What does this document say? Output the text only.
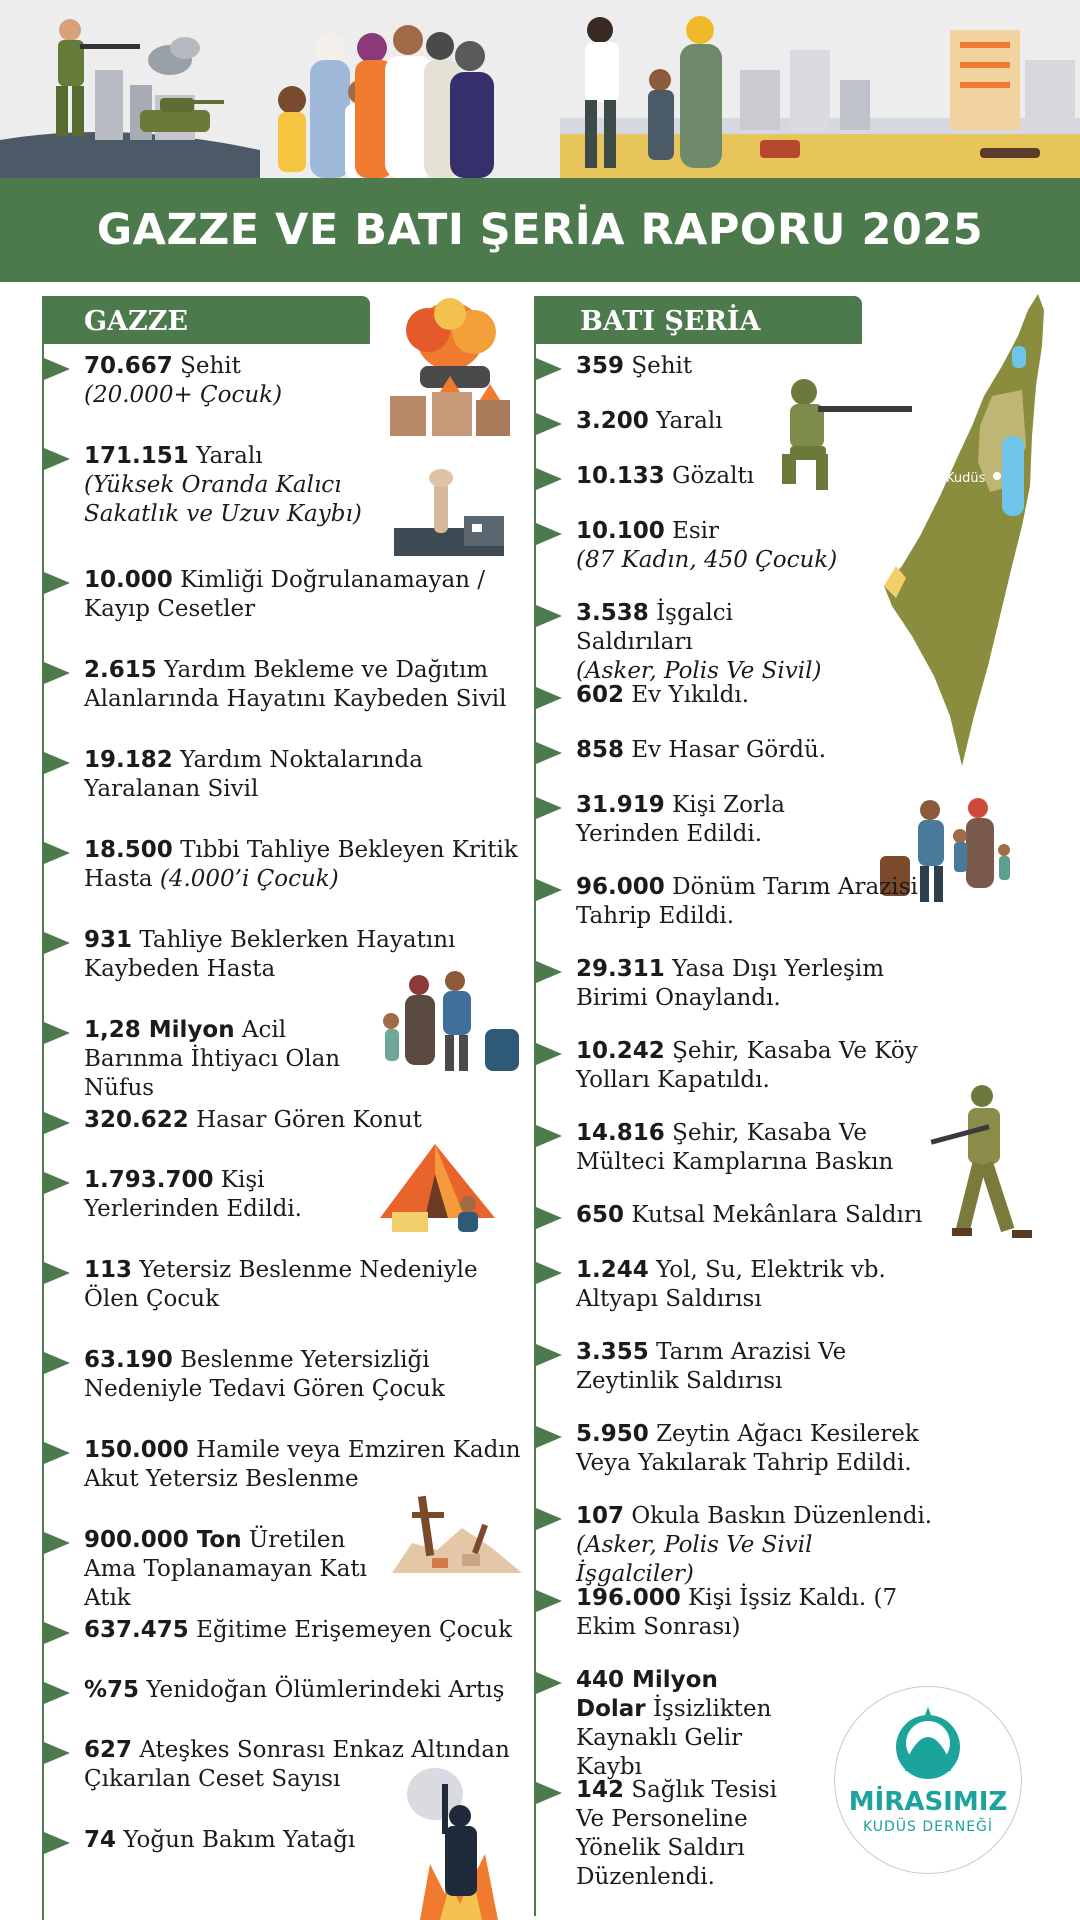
GAZZE VE BATI ŞERİA RAPORU 2025
GAZZE
70.667 Şehit
(20.000+ Çocuk)
171.151 Yaralı
(Yüksek Oranda Kalıcı Sakatlık ve Uzuv Kaybı)
10.000 Kimliği Doğrulanamayan / Kayıp Cesetler
2.615 Yardım Bekleme ve Dağıtım Alanlarında Hayatını Kaybeden Sivil
19.182 Yardım Noktalarında Yaralanan Sivil
18.500 Tıbbi Tahliye Bekleyen Kritik Hasta (4.000’i Çocuk)
931 Tahliye Beklerken Hayatını Kaybeden Hasta
1,28 Milyon Acil Barınma İhtiyacı Olan Nüfus
320.622 Hasar Gören Konut
1.793.700 Kişi Yerlerinden Edildi.
113 Yetersiz Beslenme Nedeniyle Ölen Çocuk
63.190 Beslenme Yetersizliği Nedeniyle Tedavi Gören Çocuk
150.000 Hamile veya Emziren Kadın Akut Yetersiz Beslenme
900.000 Ton Üretilen Ama Toplanamayan Katı Atık
637.475 Eğitime Erişemeyen Çocuk
%75 Yenidoğan Ölümlerindeki Artış
627 Ateşkes Sonrası Enkaz Altından Çıkarılan Ceset Sayısı
74 Yoğun Bakım Yatağı
BATI ŞERİA
Kudüs
MİRASIMIZ
KUDÜS DERNEĞİ
359 Şehit
3.200 Yaralı
10.133 Gözaltı
10.100 Esir
(87 Kadın, 450 Çocuk)
3.538 İşgalci Saldırıları
(Asker, Polis Ve Sivil)
602 Ev Yıkıldı.
858 Ev Hasar Gördü.
31.919 Kişi Zorla Yerinden Edildi.
96.000 Dönüm Tarım Arazisi Tahrip Edildi.
29.311 Yasa Dışı Yerleşim Birimi Onaylandı.
10.242 Şehir, Kasaba Ve Köy Yolları Kapatıldı.
14.816 Şehir, Kasaba Ve Mülteci Kamplarına Baskın
650 Kutsal Mekânlara Saldırı
1.244 Yol, Su, Elektrik vb. Altyapı Saldırısı
3.355 Tarım Arazisi Ve Zeytinlik Saldırısı
5.950 Zeytin Ağacı Kesilerek Veya Yakılarak Tahrip Edildi.
107 Okula Baskın Düzenlendi.
(Asker, Polis Ve Sivil İşgalciler)
196.000 Kişi İşsiz Kaldı. (7 Ekim Sonrası)
440 Milyon Dolar İşsizlikten Kaynaklı Gelir Kaybı
142 Sağlık Tesisi Ve Personeline Yönelik Saldırı Düzenlendi.
